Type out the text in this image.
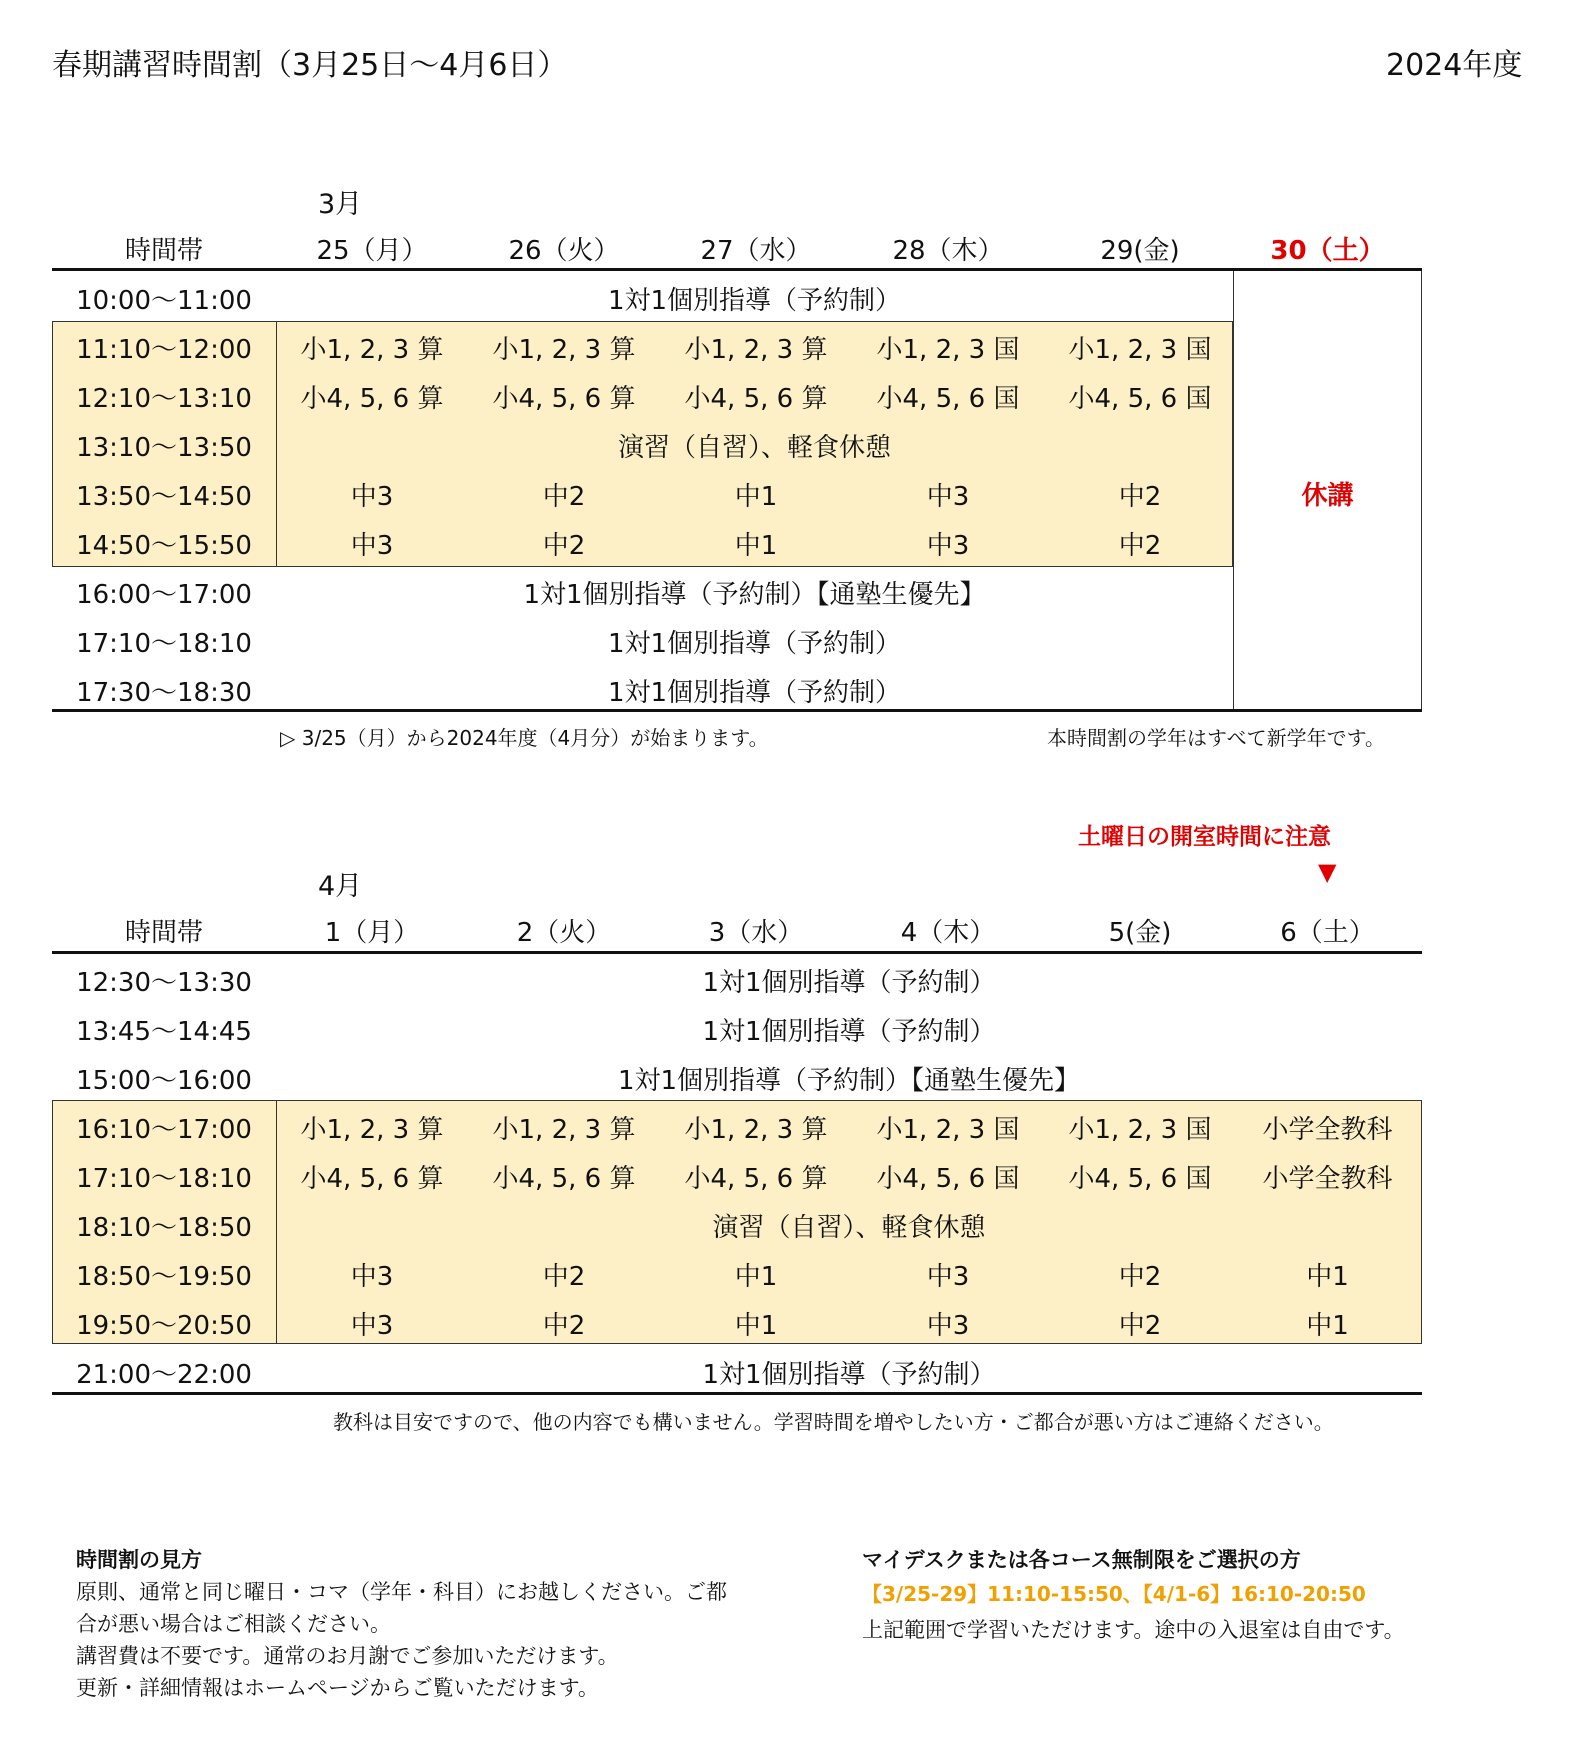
春期講習時間割（3月25日～4月6日）	2024年度
3月
時間帯	25（月）	26（火）	27（水）	28（木）	29(金)	30（土）
休講
10:00～11:00	1対1個別指導（予約制）
11:10～12:00	小1, 2, 3 算	小1, 2, 3 算	小1, 2, 3 算	小1, 2, 3 国	小1, 2, 3 国
12:10～13:10	小4, 5, 6 算	小4, 5, 6 算	小4, 5, 6 算	小4, 5, 6 国	小4, 5, 6 国
13:10～13:50	演習（自習）、軽食休憩
13:50～14:50	中3	中2	中1	中3	中2
14:50～15:50	中3	中2	中1	中3	中2
16:00～17:00	1対1個別指導（予約制）【通塾生優先】
17:10～18:10	1対1個別指導（予約制）
17:30～18:30	1対1個別指導（予約制）
▷ 3/25（月）から2024年度（4月分）が始まります。	本時間割の学年はすべて新学年です。
土曜日の開室時間に注意
▼
4月
時間帯	1（月）	2（火）	3（水）	4（木）	5(金)	6（土）
12:30～13:30	1対1個別指導（予約制）
13:45～14:45	1対1個別指導（予約制）
15:00～16:00	1対1個別指導（予約制）【通塾生優先】
16:10～17:00	小1, 2, 3 算	小1, 2, 3 算	小1, 2, 3 算	小1, 2, 3 国	小1, 2, 3 国	小学全教科
17:10～18:10	小4, 5, 6 算	小4, 5, 6 算	小4, 5, 6 算	小4, 5, 6 国	小4, 5, 6 国	小学全教科
18:10～18:50	演習（自習）、軽食休憩
18:50～19:50	中3	中2	中1	中3	中2	中1
19:50～20:50	中3	中2	中1	中3	中2	中1
21:00～22:00	1対1個別指導（予約制）
教科は目安ですので、他の内容でも構いません。学習時間を増やしたい方・ご都合が悪い方はご連絡ください。
時間割の見方
原則、通常と同じ曜日・コマ（学年・科目）にお越しください。ご都
合が悪い場合はご相談ください。
講習費は不要です。通常のお月謝でご参加いただけます。
更新・詳細情報はホームページからご覧いただけます。
マイデスクまたは各コース無制限をご選択の方
【3/25-29】11:10-15:50、【4/1-6】16:10-20:50
上記範囲で学習いただけます。途中の入退室は自由です。
